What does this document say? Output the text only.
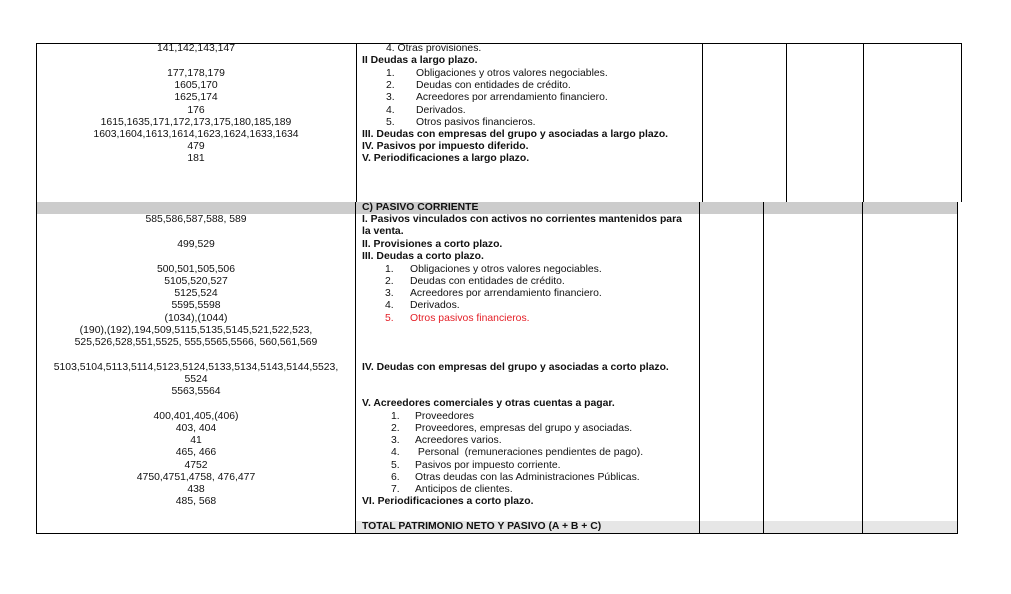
141,142,143,147
177,178,179
1605,170
1625,174
176
1615,1635,171,172,173,175,180,185,189
1603,1604,1613,1614,1623,1624,1633,1634
479
181
4. Otras provisiones.
II Deudas a largo plazo.
1. Obligaciones y otros valores negociables.
2. Deudas con entidades de crédito.
3. Acreedores por arrendamiento financiero.
4. Derivados.
5. Otros pasivos financieros.
III. Deudas con empresas del grupo y asociadas a largo plazo.
IV. Pasivos por impuesto diferido.
V. Periodificaciones a largo plazo.
C) PASIVO CORRIENTE
585,586,587,588, 589
499,529
500,501,505,506
5105,520,527
5125,524
5595,5598
(1034),(1044)
(190),(192),194,509,5115,5135,5145,521,522,523,
525,526,528,551,5525, 555,5565,5566, 560,561,569
5103,5104,5113,5114,5123,5124,5133,5134,5143,5144,5523,
5524
5563,5564
400,401,405,(406)
403, 404
41
465, 466
4752
4750,4751,4758, 476,477
438
485, 568
I. Pasivos vinculados con activos no corrientes mantenidos para
la venta.
II. Provisiones a corto plazo.
III. Deudas a corto plazo.
1. Obligaciones y otros valores negociables.
2. Deudas con entidades de crédito.
3. Acreedores por arrendamiento financiero.
4. Derivados.
5. Otros pasivos financieros.
IV. Deudas con empresas del grupo y asociadas a corto plazo.
V. Acreedores comerciales y otras cuentas a pagar.
1. Proveedores
2. Proveedores, empresas del grupo y asociadas.
3. Acreedores varios.
4. Personal  (remuneraciones pendientes de pago).
5. Pasivos por impuesto corriente.
6. Otras deudas con las Administraciones Públicas.
7. Anticipos de clientes.
VI. Periodificaciones a corto plazo.
TOTAL PATRIMONIO NETO Y PASIVO (A + B + C)
